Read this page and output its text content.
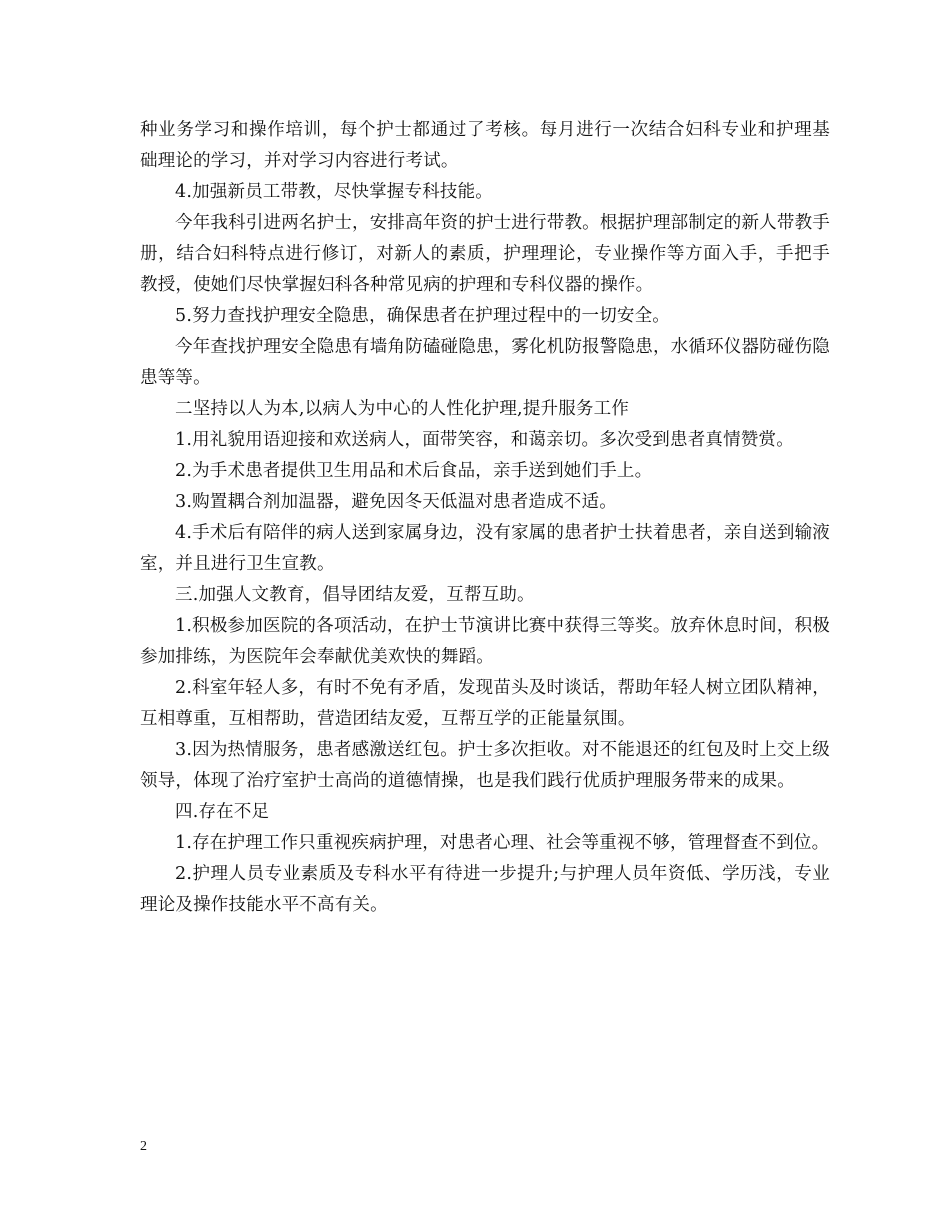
种业务学习和操作培训，每个护士都通过了考核。每月进行一次结合妇科专业和护理基础理论的学习，并对学习内容进行考试。

4.加强新员工带教，尽快掌握专科技能。

今年我科引进两名护士，安排高年资的护士进行带教。根据护理部制定的新人带教手册，结合妇科特点进行修订，对新人的素质，护理理论，专业操作等方面入手，手把手教授，使她们尽快掌握妇科各种常见病的护理和专科仪器的操作。

5.努力查找护理安全隐患，确保患者在护理过程中的一切安全。

今年查找护理安全隐患有墙角防磕碰隐患，雾化机防报警隐患，水循环仪器防碰伤隐患等等。

二坚持以人为本,以病人为中心的人性化护理,提升服务工作

1.用礼貌用语迎接和欢送病人，面带笑容，和蔼亲切。多次受到患者真情赞赏。

2.为手术患者提供卫生用品和术后食品，亲手送到她们手上。

3.购置耦合剂加温器，避免因冬天低温对患者造成不适。

4.手术后有陪伴的病人送到家属身边，没有家属的患者护士扶着患者，亲自送到输液室，并且进行卫生宣教。

三.加强人文教育，倡导团结友爱，互帮互助。

1.积极参加医院的各项活动，在护士节演讲比赛中获得三等奖。放弃休息时间，积极参加排练，为医院年会奉献优美欢快的舞蹈。

2.科室年轻人多，有时不免有矛盾，发现苗头及时谈话，帮助年轻人树立团队精神，互相尊重，互相帮助，营造团结友爱，互帮互学的正能量氛围。

3.因为热情服务，患者感激送红包。护士多次拒收。对不能退还的红包及时上交上级领导，体现了治疗室护士高尚的道德情操，也是我们践行优质护理服务带来的成果。

四.存在不足

1.存在护理工作只重视疾病护理，对患者心理、社会等重视不够，管理督查不到位。

2.护理人员专业素质及专科水平有待进一步提升;与护理人员年资低、学历浅，专业理论及操作技能水平不高有关。

2
